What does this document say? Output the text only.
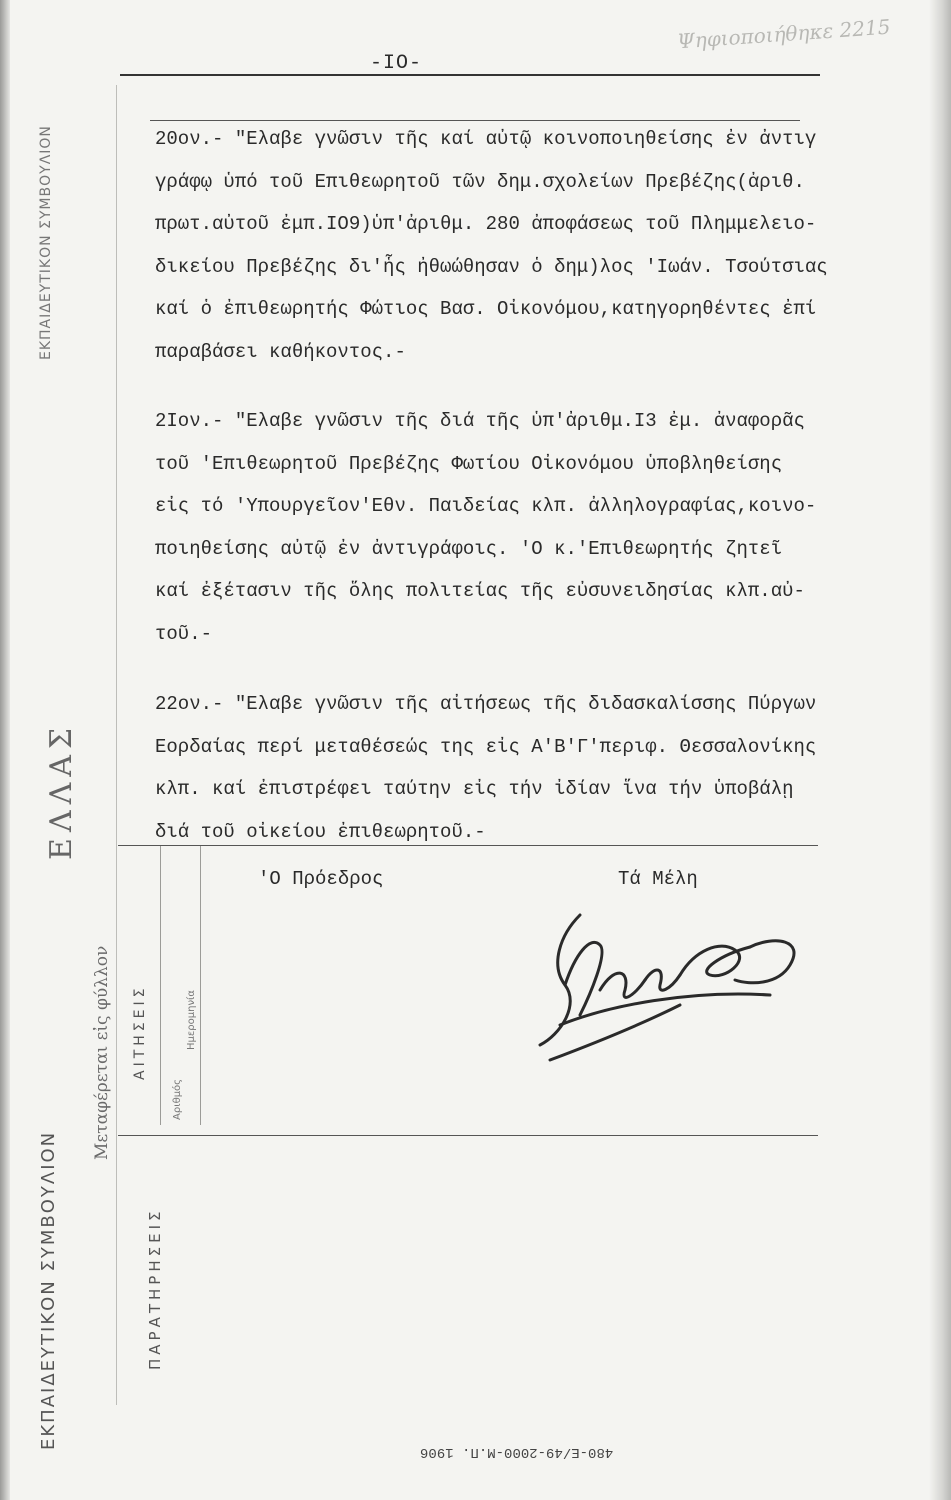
Ψηφιοποιήθηκε 2215
-IO-
ΕΚΠΑΙΔΕΥΤΙΚΟΝ ΣΥΜΒΟΥΛΙΟΝ
ΕΚΠΑΙΔΕΥΤΙΚΟΝ ΣΥΜΒΟΥΛΙΟΝ
ΕΛΛΑΣ
Μεταφέρεται εἰς φύλλον ΑΙΤΗΣΕΙΣ
ΠΑΡΑΤΗΡΗΣΕΙΣ
Αριθμός
Ημερομηνία

20ον.- "Ελαβε γνῶσιν τῆς καί αὐτῷ κοινοποιηθείσης ἐν ἀντιγ

γράφῳ ὑπό τοῦ Επιθεωρητοῦ τῶν δημ.σχολείων Πρεβέζης(ἀριθ.

πρωτ.αὐτοῦ ἐμπ.IO9)ὑπ'ἀριθμ. 280 ἀποφάσεως τοῦ Πλημμελειο-

δικείου Πρεβέζης δι'ἧς ἠθωώθησαν ὁ δημ)λος 'Ιωάν. Τσούτσιας

καί ὁ ἐπιθεωρητής Φώτιος Βασ. Οἰκονόμου,κατηγορηθέντες ἐπί

παραβάσει καθήκοντος.-

2Iον.- "Ελαβε γνῶσιν τῆς διά τῆς ὑπ'ἀριθμ.I3 ἐμ. ἀναφορᾶς

τοῦ 'Επιθεωρητοῦ Πρεβέζης Φωτίου Οἰκονόμου ὑποβληθείσης

εἰς τό 'Υπουργεῖον'Εθν. Παιδείας κλπ. ἀλληλογραφίας,κοινο-

ποιηθείσης αὐτῷ ἐν ἀντιγράφοις. 'Ο κ.'Επιθεωρητής ζητεῖ

καί ἐξέτασιν τῆς ὅλης πολιτείας τῆς εὐσυνειδησίας κλπ.αὐ-

τοῦ.-

22ον.- "Ελαβε γνῶσιν τῆς αἰτήσεως τῆς διδασκαλίσσης Πύργων

Εορδαίας περί μεταθέσεώς της εἰς Α'Β'Γ'περιφ. Θεσσαλονίκης

κλπ. καί ἐπιστρέφει ταύτην εἰς τήν ἰδίαν ἵνα τήν ὑποβάλῃ

διά τοῦ οἰκείου ἐπιθεωρητοῦ.-

'Ο Πρόεδρος	Τά Μέλη
480-Ε/49-2000-Μ.Π. 1906
